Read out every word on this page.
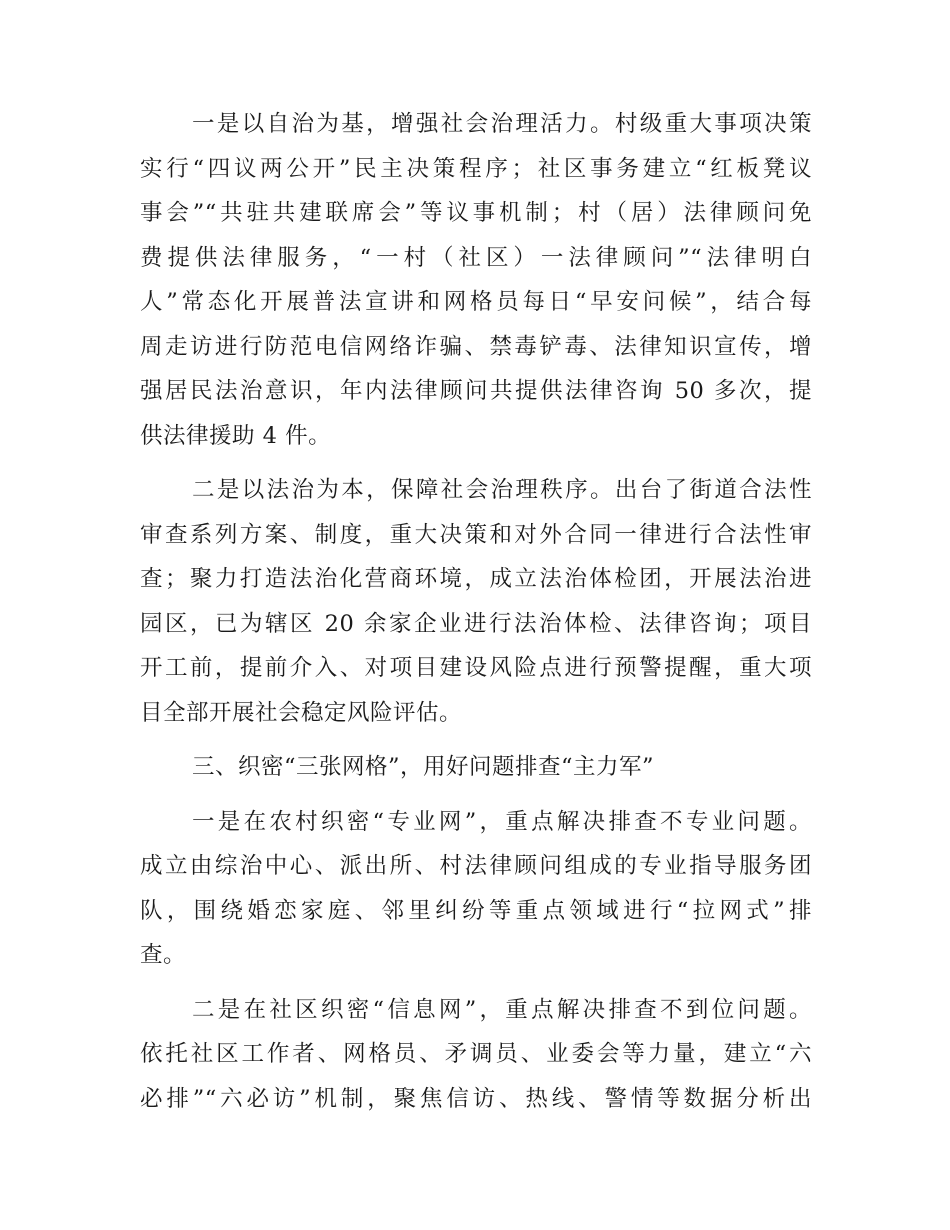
一是以自治为基，增强社会治理活力。村级重大事项决策
实行“四议两公开”民主决策程序；社区事务建立“红板凳议
事会”“共驻共建联席会”等议事机制；村（居）法律顾问免
费提供法律服务，“一村（社区）一法律顾问”“法律明白
人”常态化开展普法宣讲和网格员每日“早安问候”，结合每
周走访进行防范电信网络诈骗、禁毒铲毒、法律知识宣传，增
强居民法治意识，年内法律顾问共提供法律咨询 50 多次，提
供法律援助 4 件。
二是以法治为本，保障社会治理秩序。出台了街道合法性
审查系列方案、制度，重大决策和对外合同一律进行合法性审
查；聚力打造法治化营商环境，成立法治体检团，开展法治进
园区，已为辖区 20 余家企业进行法治体检、法律咨询；项目
开工前，提前介入、对项目建设风险点进行预警提醒，重大项
目全部开展社会稳定风险评估。
三、织密“三张网格”，用好问题排查“主力军”
一是在农村织密“专业网”，重点解决排查不专业问题。
成立由综治中心、派出所、村法律顾问组成的专业指导服务团
队，围绕婚恋家庭、邻里纠纷等重点领域进行“拉网式”排
查。
二是在社区织密“信息网”，重点解决排查不到位问题。
依托社区工作者、网格员、矛调员、业委会等力量，建立“六
必排”“六必访”机制，聚焦信访、热线、警情等数据分析出
